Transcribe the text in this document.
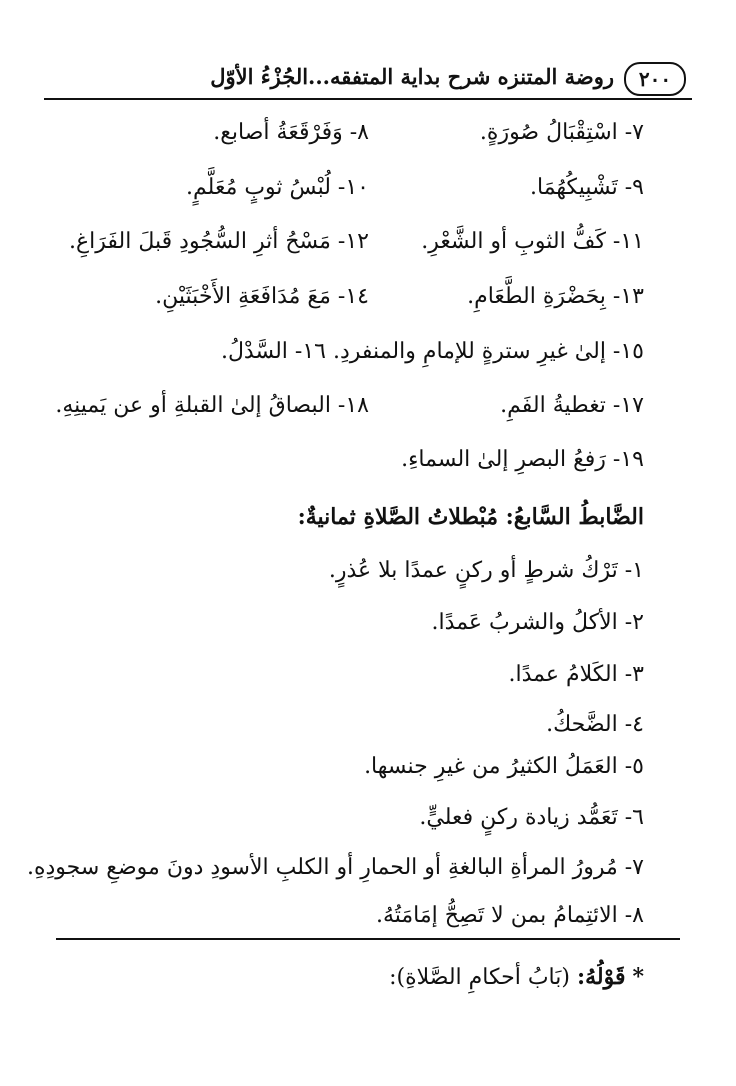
٢٠٠
روضة المتنزه شرح بداية المتفقه...الجُزْءُ الأوّل
٧- اسْتِقْبَالُ صُورَةٍ.
٨- وَفَرْقَعَةُ أصابع.
٩- تَشْبِيكُهُمَا.
١٠- لُبْسُ ثوبٍ مُعَلَّمٍ.
١١- كَفُّ الثوبِ أو الشَّعْرِ.
١٢- مَسْحُ أثرِ السُّجُودِ قَبلَ الفَرَاغِ.
١٣- بِحَضْرَةِ الطَّعَامِ.
١٤- مَعَ مُدَافَعَةِ الأَخْبَثَيْنِ.
١٥- إلىٰ غيرِ سترةٍ للإمامِ والمنفردِ. ١٦- السَّدْلُ.
١٧- تغطيةُ الفَمِ.
١٨- البصاقُ إلىٰ القبلةِ أو عن يَمينِهِ.
١٩- رَفعُ البصرِ إلىٰ السماءِ.
الضَّابطُ السَّابعُ: مُبْطلاتُ الصَّلاةِ ثمانيةٌ:
١- تَرْكُ شرطٍ أو ركنٍ عمدًا بلا عُذرٍ.
٢- الأكلُ والشربُ عَمدًا.
٣- الكَلامُ عمدًا.
٤- الضَّحكُ.
٥- العَمَلُ الكثيرُ من غيرِ جنسها.
٦- تَعَمُّد زيادة ركنٍ فعليٍّ.
٧- مُرورُ المرأةِ البالغةِ أو الحمارِ أو الكلبِ الأسودِ دونَ موضعِ سجودِهِ.
٨- الائتِمامُ بمن لا تَصِحُّ إمَامَتُهُ.
* قَوْلُهُ: (بَابُ أحكامِ الصَّلاةِ):
